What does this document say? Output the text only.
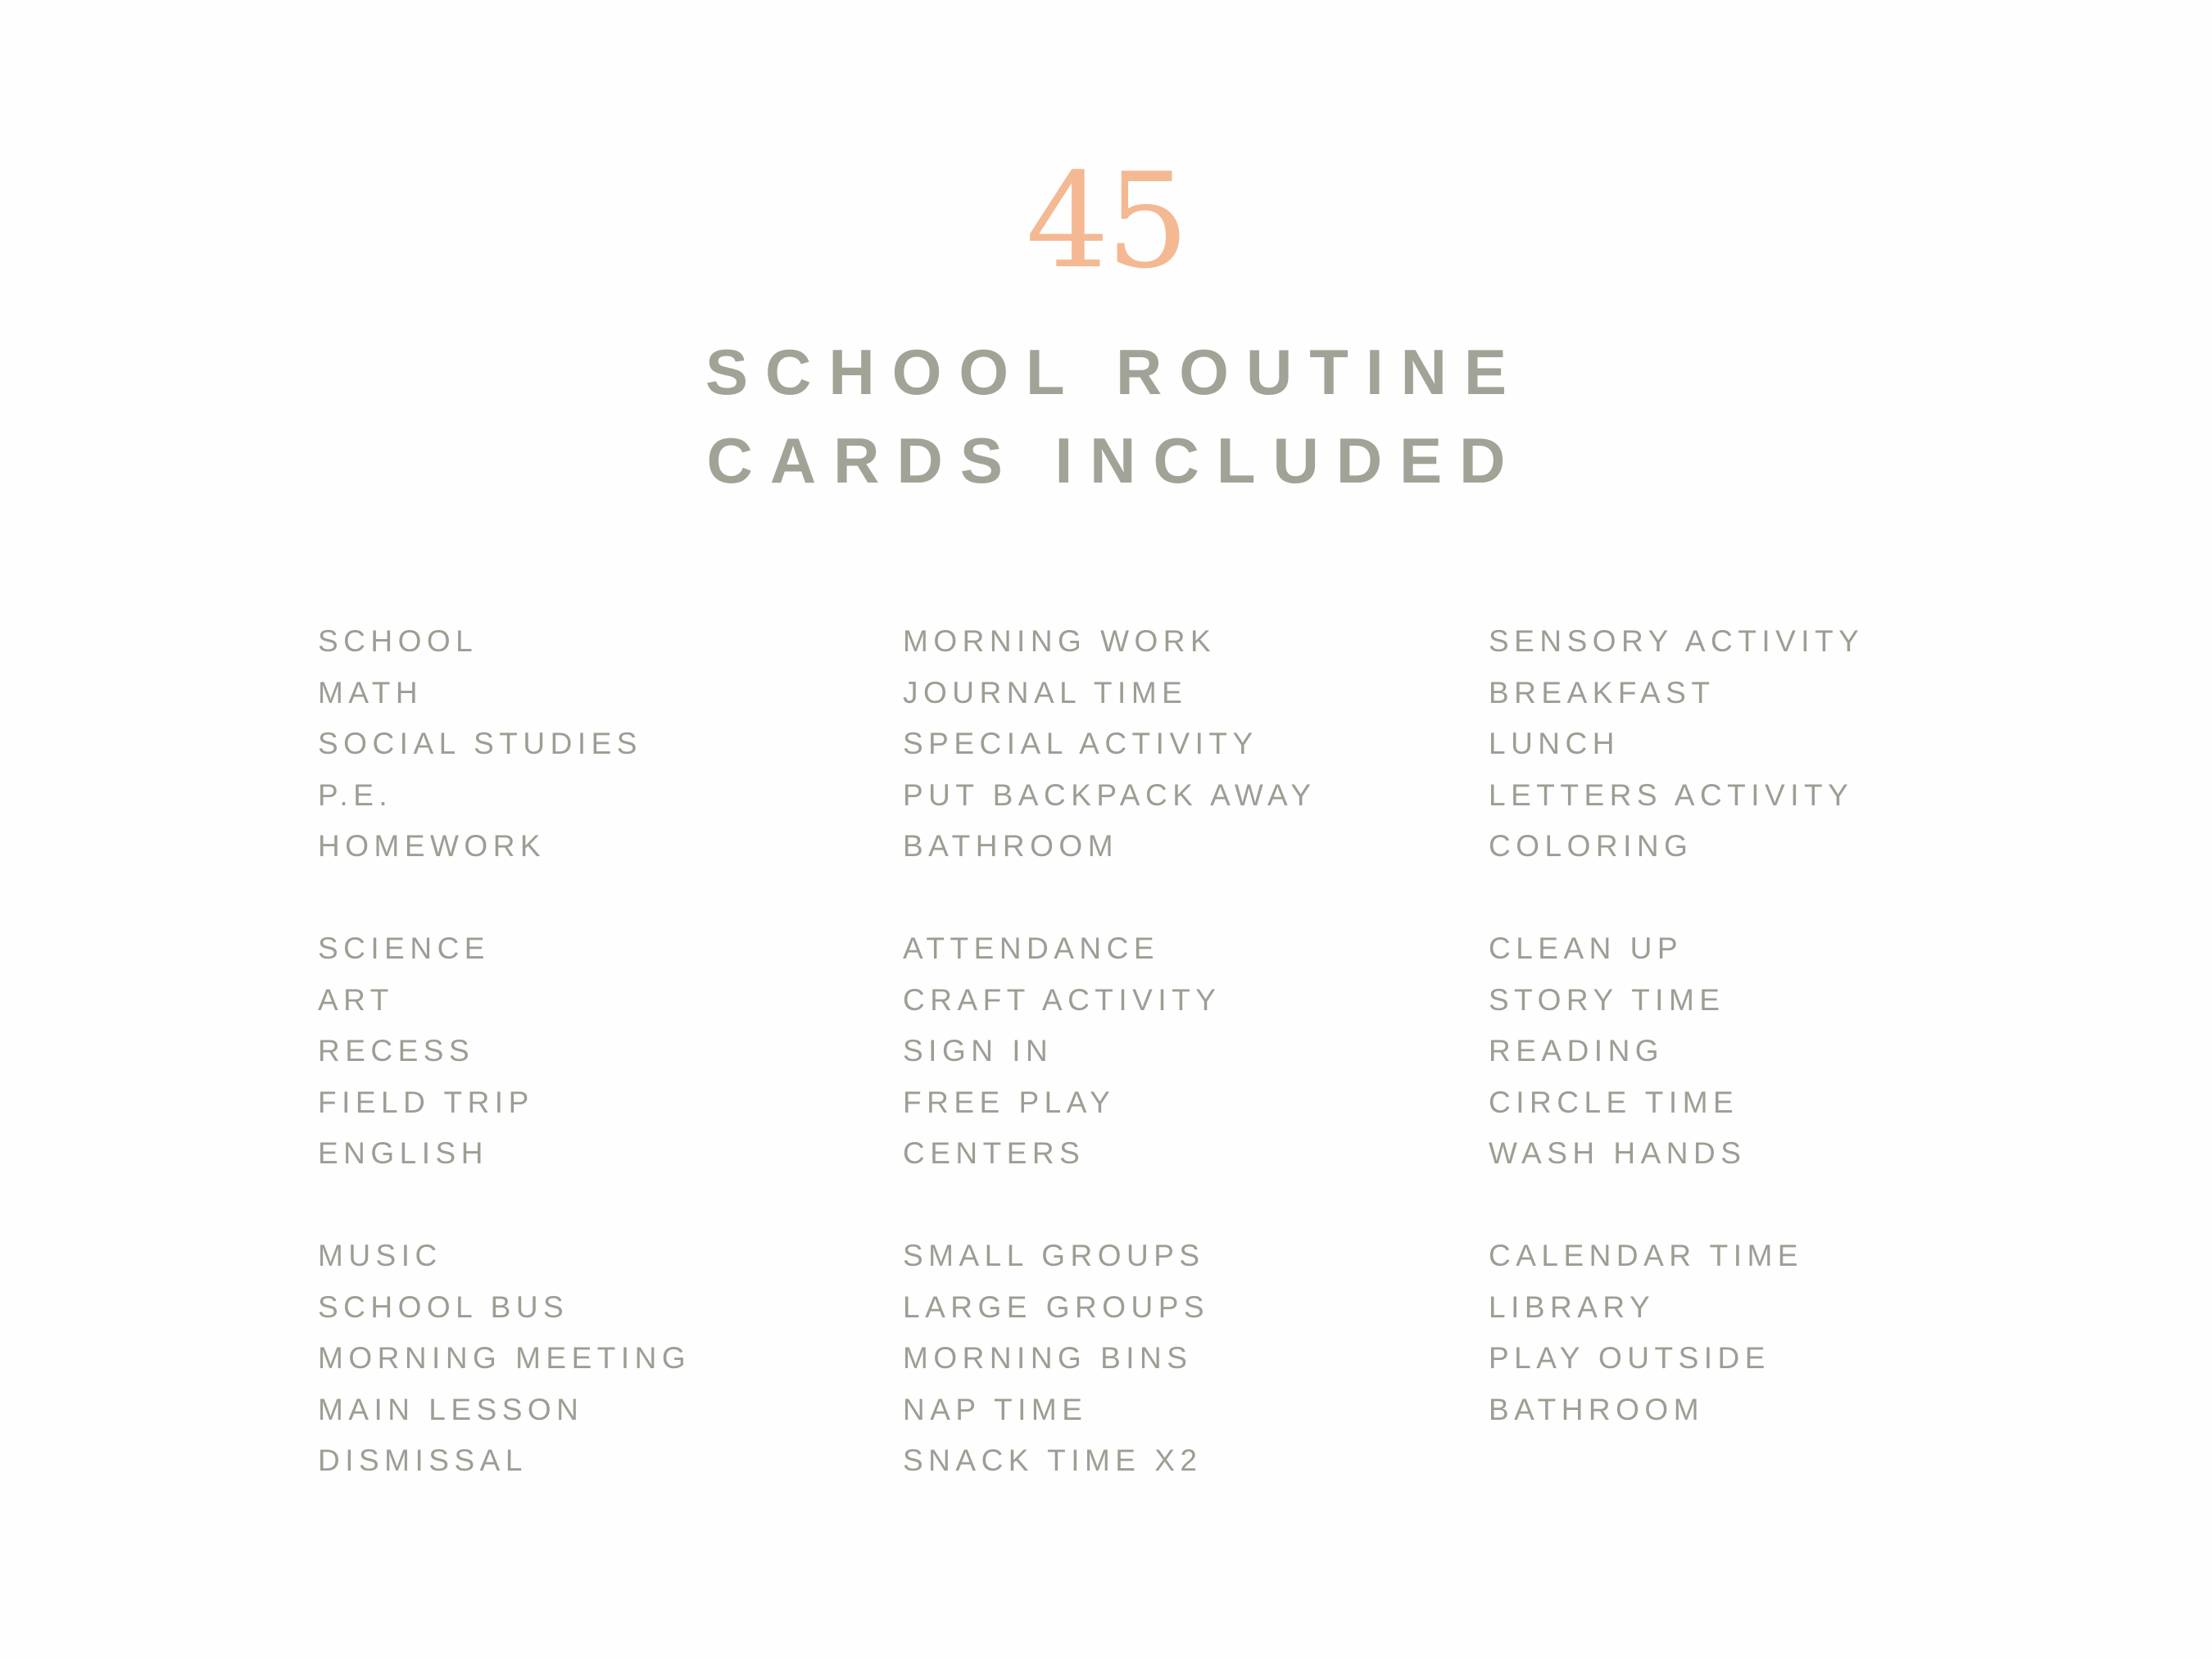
45
SCHOOL ROUTINE
CARDS INCLUDED
SCHOOL
MATH
SOCIAL STUDIES
P.E.
HOMEWORK
SCIENCE
ART
RECESS
FIELD TRIP
ENGLISH
MUSIC
SCHOOL BUS
MORNING MEETING
MAIN LESSON
DISMISSAL
MORNING WORK
JOURNAL TIME
SPECIAL ACTIVITY
PUT BACKPACK AWAY
BATHROOM
ATTENDANCE
CRAFT ACTIVITY
SIGN IN
FREE PLAY
CENTERS
SMALL GROUPS
LARGE GROUPS
MORNING BINS
NAP TIME
SNACK TIME X2
SENSORY ACTIVITY
BREAKFAST
LUNCH
LETTERS ACTIVITY
COLORING
CLEAN UP
STORY TIME
READING
CIRCLE TIME
WASH HANDS
CALENDAR TIME
LIBRARY
PLAY OUTSIDE
BATHROOM
